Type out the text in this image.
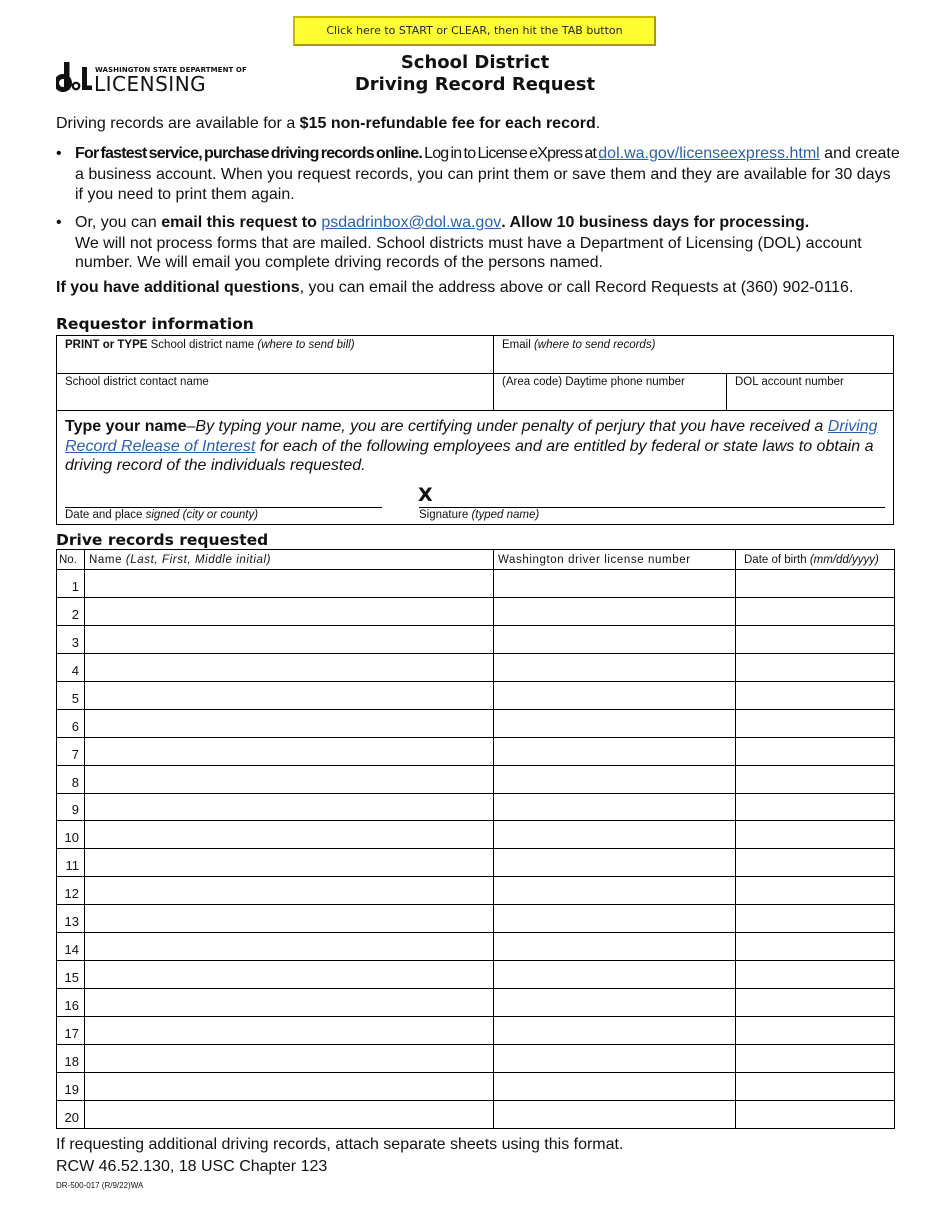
Click here to START or CLEAR, then hit the TAB button
WASHINGTON STATE DEPARTMENT OF
LICENSING
School District
Driving Record Request
Driving records are available for a $15 non-refundable fee for each record.
• For fastest service, purchase driving records online. Log in to License eXpress at dol.wa.gov/licenseexpress.html and create a business account. When you request records, you can print them or save them and they are available for 30 days if you need to print them again.
• Or, you can email this request to psdadrinbox@dol.wa.gov. Allow 10 business days for processing.
We will not process forms that are mailed. School districts must have a Department of Licensing (DOL) account number. We will email you complete driving records of the persons named.
If you have additional questions, you can email the address above or call Record Requests at (360) 902-0116.
Requestor information
PRINT or TYPE School district name (where to send bill)	Email (where to send records)
School district contact name	(Area code) Daytime phone number	DOL account number
Type your name–By typing your name, you are certifying under penalty of perjury that you have received a Driving Record Release of Interest for each of the following employees and are entitled by federal or state laws to obtain a driving record of the individuals requested.
X
Date and place signed (city or county)	Signature (typed name)
Drive records requested
No.	Name (Last, First, Middle initial)	Washington driver license number	Date of birth (mm/dd/yyyy)
1			
2			
3			
4			
5			
6			
7			
8			
9			
10			
11			
12			
13			
14			
15			
16			
17			
18			
19			
20			
If requesting additional driving records, attach separate sheets using this format.
RCW 46.52.130, 18 USC Chapter 123
DR-500-017 (R/9/22)WA
